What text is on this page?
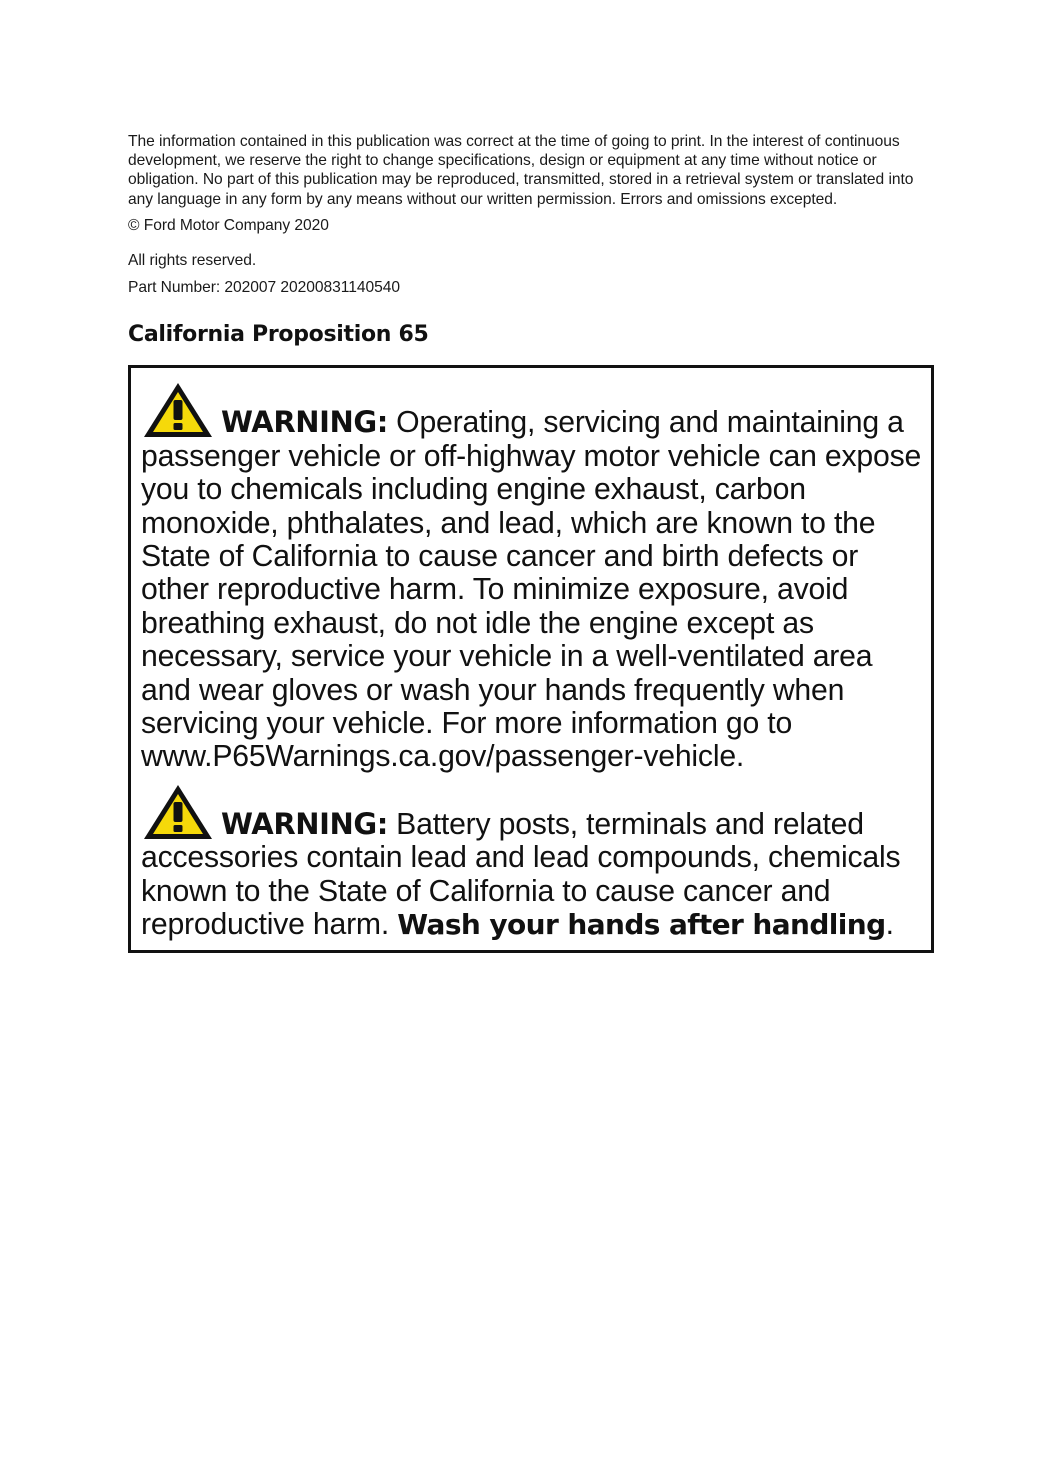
The information contained in this publication was correct at the time of going to print. In the interest of continuous development, we reserve the right to change specifications, design or equipment at any time without notice or obligation. No part of this publication may be reproduced, transmitted, stored in a retrieval system or translated into any language in any form by any means without our written permission. Errors and omissions excepted.

© Ford Motor Company 2020

All rights reserved.

Part Number: 202007 20200831140540

California Proposition 65

WARNING: Operating, servicing and maintaining a passenger vehicle or off-highway motor vehicle can expose you to chemicals including engine exhaust, carbon monoxide, phthalates, and lead, which are known to the State of California to cause cancer and birth defects or other reproductive harm. To minimize exposure, avoid breathing exhaust, do not idle the engine except as necessary, service your vehicle in a well-ventilated area and wear gloves or wash your hands frequently when servicing your vehicle. For more information go to www.P65Warnings.ca.gov/passenger-vehicle.

WARNING: Battery posts, terminals and related accessories contain lead and lead compounds, chemicals known to the State of California to cause cancer and reproductive harm. Wash your hands after handling.
